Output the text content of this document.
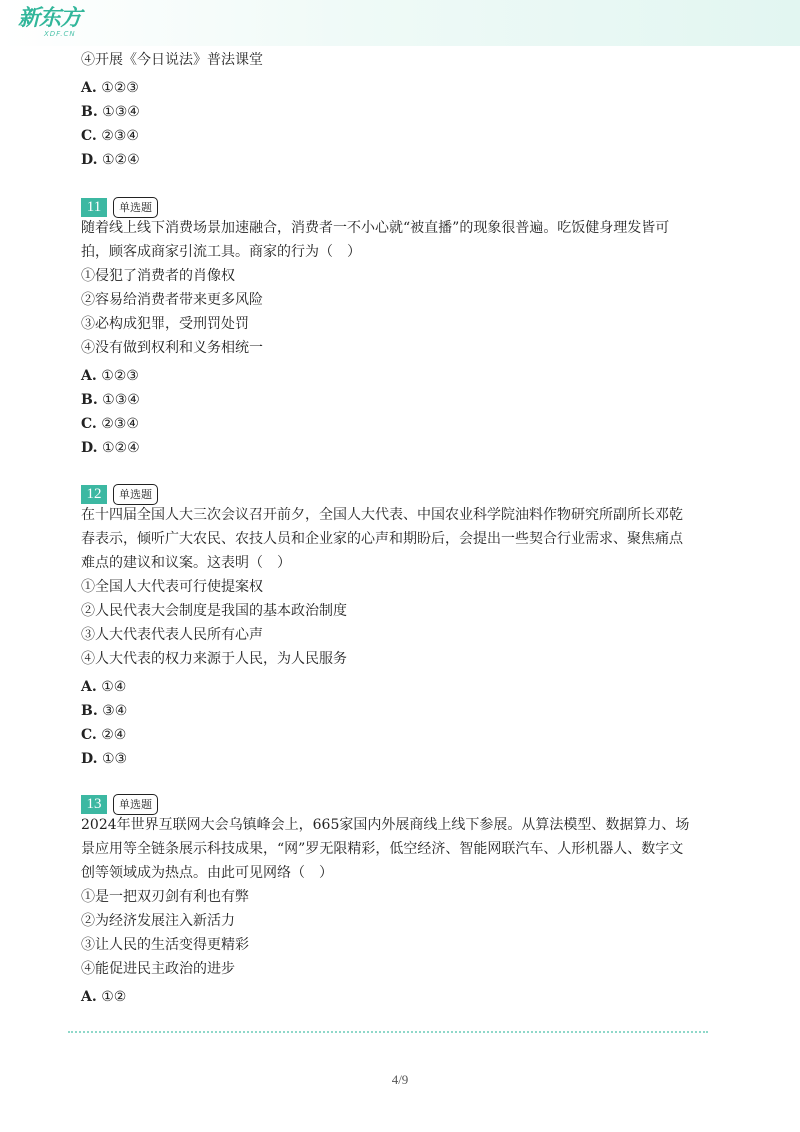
新东方
XDF.CN
④开展《今日说法》普法课堂
A. ①②③
B. ①③④
C. ②③④
D. ①②④
11	单选题
随着线上线下消费场景加速融合，消费者一不小心就“被直播”的现象很普遍。吃饭健身理发皆可
拍，顾客成商家引流工具。商家的行为（　）
①侵犯了消费者的肖像权
②容易给消费者带来更多风险
③必构成犯罪，受刑罚处罚
④没有做到权利和义务相统一
A. ①②③
B. ①③④
C. ②③④
D. ①②④
12	单选题
在十四届全国人大三次会议召开前夕，全国人大代表、中国农业科学院油料作物研究所副所长邓乾
春表示，倾听广大农民、农技人员和企业家的心声和期盼后，会提出一些契合行业需求、聚焦痛点
难点的建议和议案。这表明（　）
①全国人大代表可行使提案权
②人民代表大会制度是我国的基本政治制度
③人大代表代表人民所有心声
④人大代表的权力来源于人民，为人民服务
A. ①④
B. ③④
C. ②④
D. ①③
13	单选题
2024年世界互联网大会乌镇峰会上，665家国内外展商线上线下参展。从算法模型、数据算力、场
景应用等全链条展示科技成果，“网”罗无限精彩，低空经济、智能网联汽车、人形机器人、数字文
创等领域成为热点。由此可见网络（　）
①是一把双刃剑有利也有弊
②为经济发展注入新活力
③让人民的生活变得更精彩
④能促进民主政治的进步
A. ①②
4/9
